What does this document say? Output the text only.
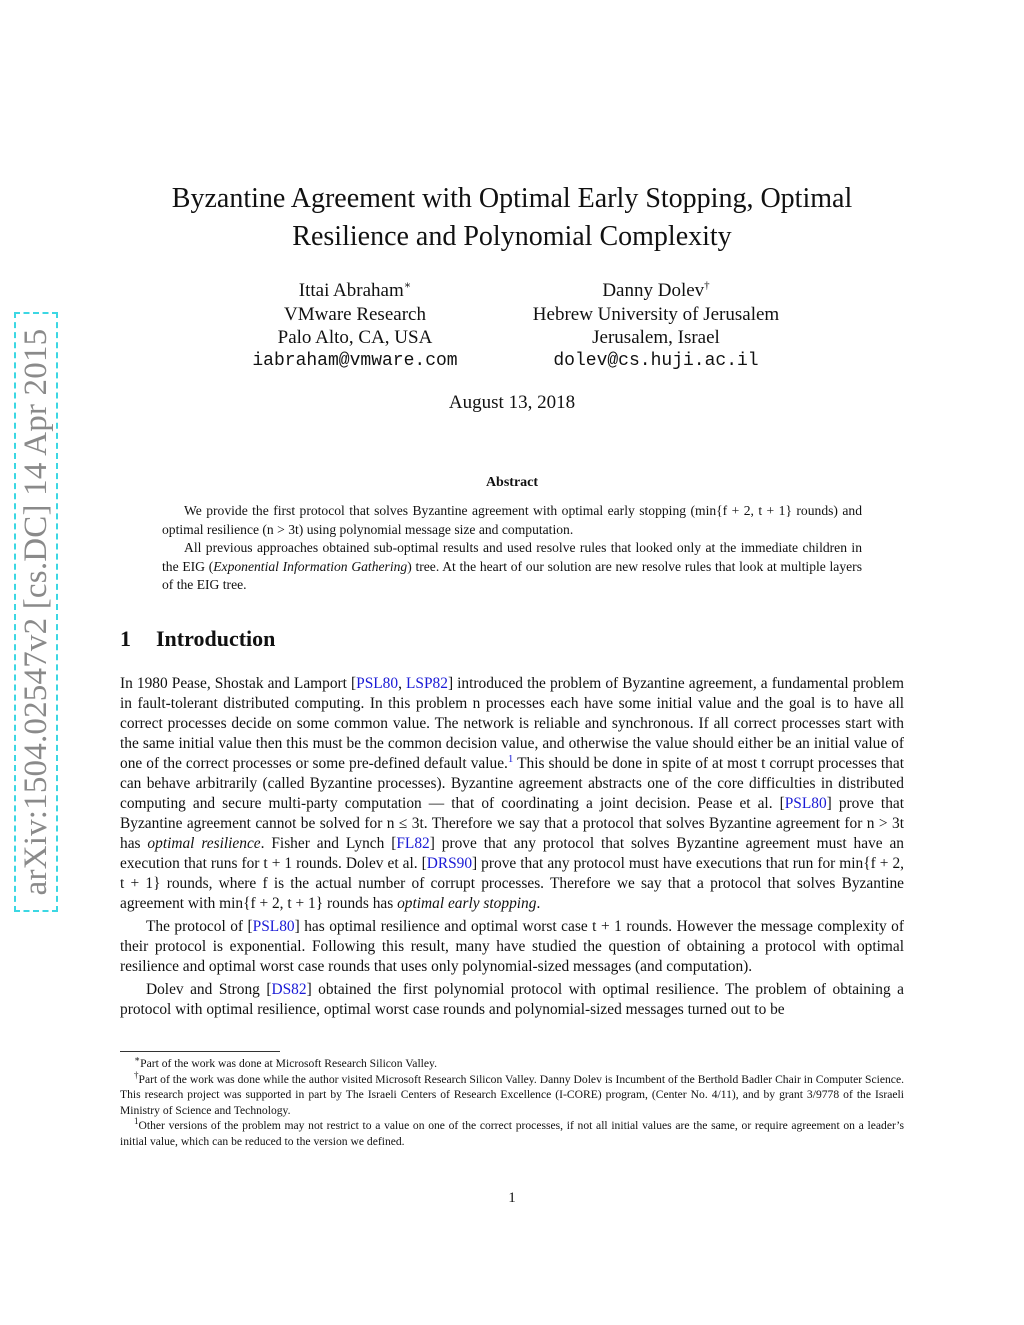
arXiv:1504.02547v2 [cs.DC] 14 Apr 2015
Byzantine Agreement with Optimal Early Stopping, Optimal Resilience and Polynomial Complexity
Ittai Abraham∗
VMware Research
Palo Alto, CA, USA
iabraham@vmware.com
Danny Dolev†
Hebrew University of Jerusalem
Jerusalem, Israel
dolev@cs.huji.ac.il
August 13, 2018
Abstract

We provide the first protocol that solves Byzantine agreement with optimal early stopping (min{f + 2, t + 1} rounds) and optimal resilience (n > 3t) using polynomial message size and computation.

All previous approaches obtained sub-optimal results and used resolve rules that looked only at the immediate children in the EIG (Exponential Information Gathering) tree. At the heart of our solution are new resolve rules that look at multiple layers of the EIG tree.

1 Introduction

In 1980 Pease, Shostak and Lamport [PSL80, LSP82] introduced the problem of Byzantine agreement, a fundamental problem in fault-tolerant distributed computing. In this problem n processes each have some initial value and the goal is to have all correct processes decide on some common value. The network is reliable and synchronous. If all correct processes start with the same initial value then this must be the common decision value, and otherwise the value should either be an initial value of one of the correct processes or some pre-defined default value.$^1$ This should be done in spite of at most t corrupt processes that can behave arbitrarily (called Byzantine processes). Byzantine agreement abstracts one of the core difficulties in distributed computing and secure multi-party computation — that of coordinating a joint decision. Pease et al. [PSL80] prove that Byzantine agreement cannot be solved for n ≤ 3t. Therefore we say that a protocol that solves Byzantine agreement for n > 3t has optimal resilience. Fisher and Lynch [FL82] prove that any protocol that solves Byzantine agreement must have an execution that runs for t + 1 rounds. Dolev et al. [DRS90] prove that any protocol must have executions that run for min{f + 2, t + 1} rounds, where f is the actual number of corrupt processes. Therefore we say that a protocol that solves Byzantine agreement with min{f + 2, t + 1} rounds has optimal early stopping.

The protocol of [PSL80] has optimal resilience and optimal worst case t + 1 rounds. However the message complexity of their protocol is exponential. Following this result, many have studied the question of obtaining a protocol with optimal resilience and optimal worst case rounds that uses only polynomial-sized messages (and computation).

Dolev and Strong [DS82] obtained the first polynomial protocol with optimal resilience. The problem of obtaining a protocol with optimal resilience, optimal worst case rounds and polynomial-sized messages turned out to be

∗Part of the work was done at Microsoft Research Silicon Valley.

†Part of the work was done while the author visited Microsoft Research Silicon Valley. Danny Dolev is Incumbent of the Berthold Badler Chair in Computer Science. This research project was supported in part by The Israeli Centers of Research Excellence (I-CORE) program, (Center No. 4/11), and by grant 3/9778 of the Israeli Ministry of Science and Technology.

$^1$Other versions of the problem may not restrict to a value on one of the correct processes, if not all initial values are the same, or require agreement on a leader’s initial value, which can be reduced to the version we defined.

1
